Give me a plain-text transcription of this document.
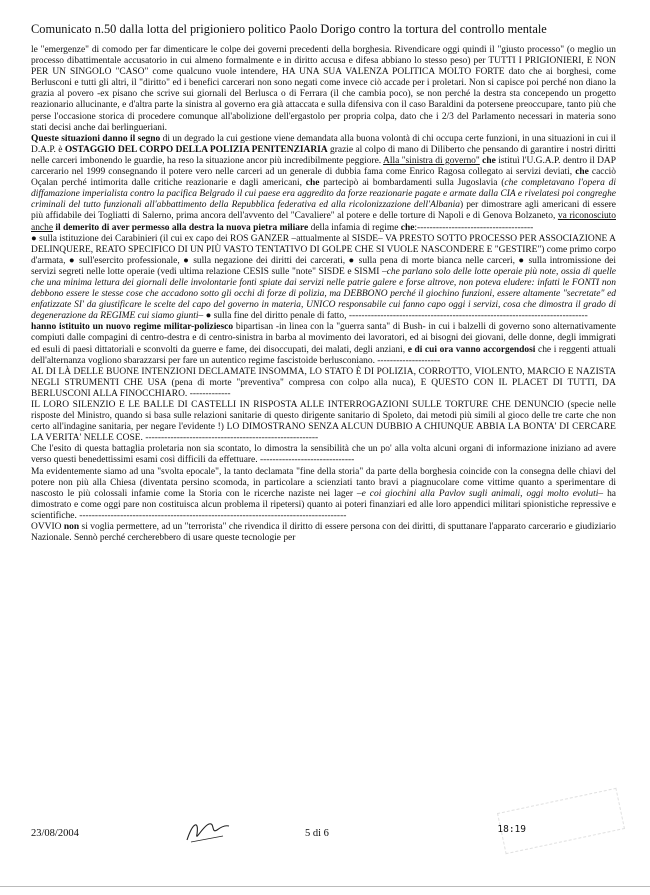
Comunicato n.50 dalla lotta del prigioniero politico Paolo Dorigo contro la tortura del controllo mentale

le "emergenze" di comodo per far dimenticare le colpe dei governi precedenti della borghesia. Rivendicare oggi quindi il "giusto processo" (o meglio un processo dibattimentale accusatorio in cui almeno formalmente e in diritto accusa e difesa abbiano lo stesso peso) per TUTTI I PRIGIONIERI, E NON PER UN SINGOLO "CASO" come qualcuno vuole intendere, HA UNA SUA VALENZA POLITICA MOLTO FORTE dato che ai borghesi, come Berlusconi e tutti gli altri, il "diritto" ed i benefici carcerari non sono negati come invece ciò accade per i proletari. Non si capisce poi perché non diano la grazia al povero -ex pisano che scrive sui giornali del Berlusca o di Ferrara (il che cambia poco), se non perché la destra sta concependo un progetto reazionario allucinante, e d'altra parte la sinistra al governo era già attaccata e sulla difensiva con il caso Baraldini da potersene preoccupare, tanto più che perse l'occasione storica di procedere comunque all'abolizione dell'ergastolo per propria colpa, dato che i 2/3 del Parlamento necessari in materia sono stati decisi anche dai berlingueriani.

Queste situazioni danno il segno di un degrado la cui gestione viene demandata alla buona volontà di chi occupa certe funzioni, in una situazioni in cui il D.A.P. è OSTAGGIO DEL CORPO DELLA POLIZIA PENITENZIARIA grazie al colpo di mano di Diliberto che pensando di garantire i nostri diritti nelle carceri imbonendo le guardie, ha reso la situazione ancor più incredibilmente peggiore. Alla "sinistra di governo" che istituì l'U.G.A.P. dentro il DAP carcerario nel 1999 consegnando il potere vero nelle carceri ad un generale di dubbia fama come Enrico Ragosa collegato ai servizi deviati, che cacciò Oçalan perché intimorita dalle critiche reazionarie e dagli americani, che partecipò ai bombardamenti sulla Jugoslavia (che completavano l'opera di diffamazione imperialista contro la pacifica Belgrado il cui paese era aggredito da forze reazionarie pagate e armate dalla CIA e rivelatesi poi congreghe criminali del tutto funzionali all'abbattimento della Repubblica federativa ed alla ricolonizzazione dell'Albania) per dimostrare agli americani di essere più affidabile dei Togliatti di Salerno, prima ancora dell'avvento del "Cavaliere" al potere e delle torture di Napoli e di Genova Bolzaneto, va riconosciuto anche il demerito di aver permesso alla destra la nuova pietra miliare della infamia di regime che:-------------------------------------

● sulla istituzione dei Carabinieri (il cui ex capo dei ROS GANZER –attualmente al SISDE– VA PRESTO SOTTO PROCESSO PER ASSOCIAZIONE A DELINQUERE, REATO SPECIFICO DI UN PIÙ VASTO TENTATIVO DI GOLPE CHE SI VUOLE NASCONDERE E "GESTIRE") come primo corpo d'armata, ● sull'esercito professionale, ● sulla negazione dei diritti dei carcerati, ● sulla pena di morte bianca nelle carceri, ● sulla intromissione dei servizi segreti nelle lotte operaie (vedi ultima relazione CESIS sulle "note" SISDE e SISMI –che parlano solo delle lotte operaie più note, ossia di quelle che una minima lettura dei giornali delle involontarie fonti spiate dai servizi nelle patrie galere e forse altrove, non poteva eludere: infatti le FONTI non debbono essere le stesse cose che accadono sotto gli occhi di forze di polizia, ma DEBBONO perché il giochino funzioni, essere altamente "secretate" ed enfatizzate SI' da giustificare le scelte del capo del governo in materia, UNICO responsabile cui fanno capo oggi i servizi, cosa che dimostra il grado di degenerazione da REGIME cui siamo giunti– ● sulla fine del diritto penale di fatto, ----------------------------------------------------------------------------

hanno istituito un nuovo regime militar-poliziesco bipartisan -in linea con la "guerra santa" di Bush- in cui i balzelli di governo sono alternativamente compiuti dalle compagini di centro-destra e di centro-sinistra in barba al movimento dei lavoratori, ed ai bisogni dei giovani, delle donne, degli immigrati ed esuli di paesi dittatoriali e sconvolti da guerre e fame, dei disoccupati, dei malati, degli anziani, e di cui ora vanno accorgendosi che i reggenti attuali dell'alternanza vogliono sbarazzarsi per fare un autentico regime fascistoide berlusconiano. --------------------

AL DI LÀ DELLE BUONE INTENZIONI DECLAMATE INSOMMA, LO STATO È DI POLIZIA, CORROTTO, VIOLENTO, MARCIO E NAZISTA NEGLI STRUMENTI CHE USA (pena di morte "preventiva" compresa con colpo alla nuca), E QUESTO CON IL PLACET DI TUTTI, DA BERLUSCONI ALLA FINOCCHIARO. -------------

IL LORO SILENZIO E LE BALLE DI CASTELLI IN RISPOSTA ALLE INTERROGAZIONI SULLE TORTURE CHE DENUNCIO (specie nelle risposte del Ministro, quando si basa sulle relazioni sanitarie di questo dirigente sanitario di Spoleto, dai metodi più simili al gioco delle tre carte che non certo all'indagine sanitaria, per negare l'evidente !) LO DIMOSTRANO SENZA ALCUN DUBBIO A CHIUNQUE ABBIA LA BONTA' DI CERCARE LA VERITA' NELLE COSE. -------------------------------------------------------

Che l'esito di questa battaglia proletaria non sia scontato, lo dimostra la sensibilità che un po' alla volta alcuni organi di informazione iniziano ad avere verso questi benedettissimi esami così difficili da effettuare. ------------------------------

Ma evidentemente siamo ad una "svolta epocale", la tanto declamata "fine della storia" da parte della borghesia coincide con la consegna delle chiavi del potere non più alla Chiesa (diventata persino scomoda, in particolare a scienziati tanto bravi a piagnucolare come vittime quanto a sperimentare di nascosto le più colossali infamie come la Storia con le ricerche naziste nei lager –e coi giochini alla Pavlov sugli animali, oggi molto evoluti– ha dimostrato e come oggi pare non costituisca alcun problema il ripetersi) quanto ai poteri finanziari ed alle loro appendici militari spionistiche repressive e scientifiche. -------------------------------------------------------------------------------------

OVVIO non si voglia permettere, ad un "terrorista" che rivendica il diritto di essere persona con dei diritti, di sputtanare l'apparato carcerario e giudiziario Nazionale. Sennò perché cercherebbero di usare queste tecnologie per

23/08/2004	5 di 6	18:19
